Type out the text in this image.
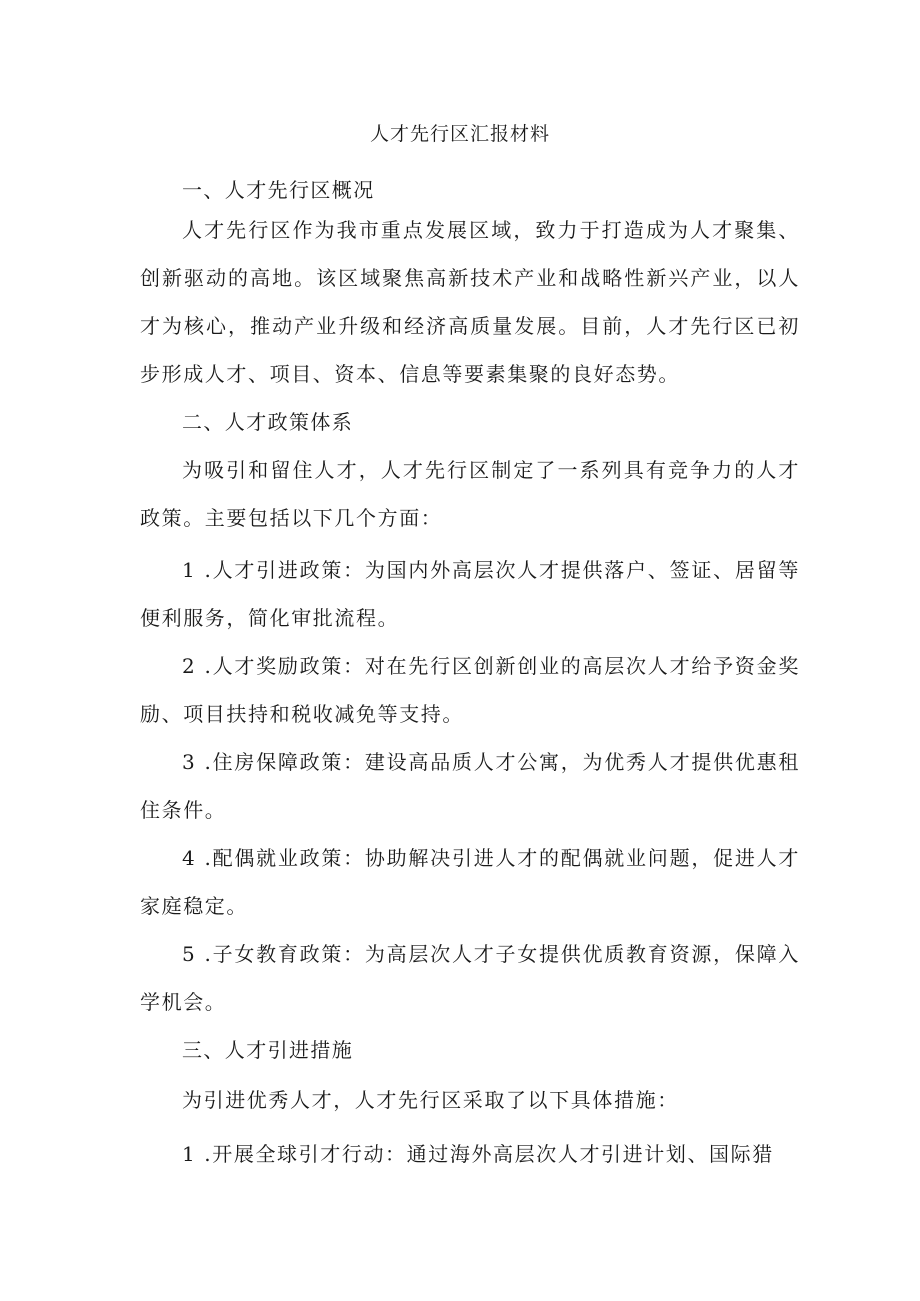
人才先行区汇报材料

一、人才先行区概况

人才先行区作为我市重点发展区域，致力于打造成为人才聚集、创新驱动的高地。该区域聚焦高新技术产业和战略性新兴产业，以人才为核心，推动产业升级和经济高质量发展。目前，人才先行区已初步形成人才、项目、资本、信息等要素集聚的良好态势。

二、人才政策体系

为吸引和留住人才，人才先行区制定了一系列具有竞争力的人才政策。主要包括以下几个方面：

1 .人才引进政策：为国内外高层次人才提供落户、签证、居留等便利服务，简化审批流程。

2 .人才奖励政策：对在先行区创新创业的高层次人才给予资金奖励、项目扶持和税收减免等支持。

3 .住房保障政策：建设高品质人才公寓，为优秀人才提供优惠租住条件。

4 .配偶就业政策：协助解决引进人才的配偶就业问题，促进人才家庭稳定。

5 .子女教育政策：为高层次人才子女提供优质教育资源，保障入学机会。

三、人才引进措施

为引进优秀人才，人才先行区采取了以下具体措施：

1 .开展全球引才行动：通过海外高层次人才引进计划、国际猎
